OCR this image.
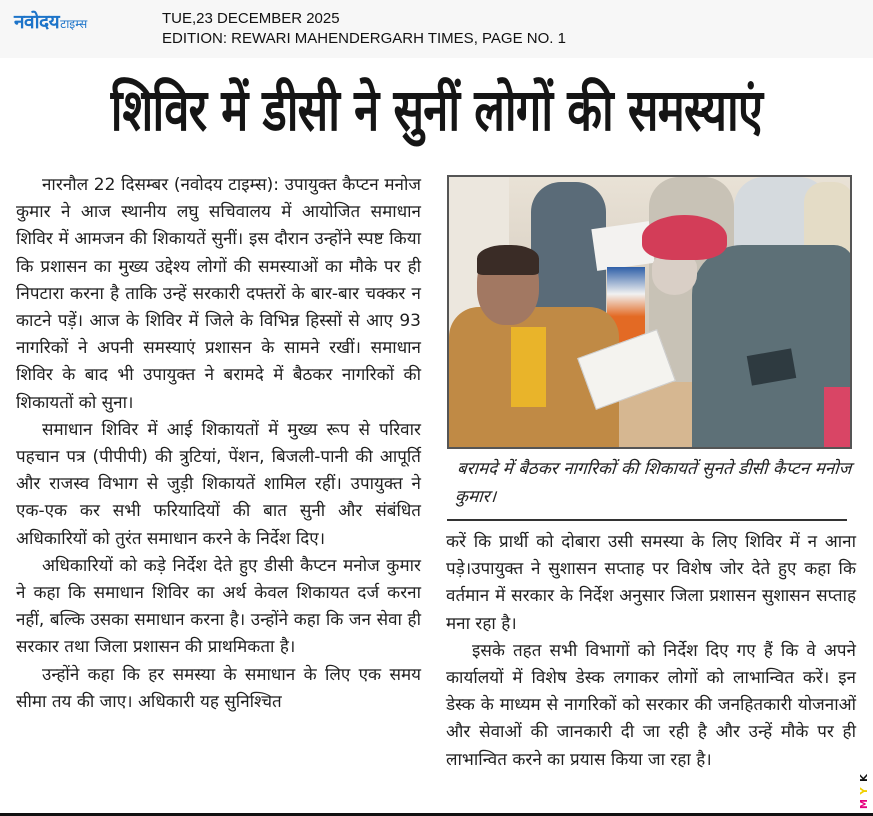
नवोदयटाइम्स	TUE,23 DECEMBER 2025
EDITION: REWARI MAHENDERGARH TIMES, PAGE NO. 1
शिविर में डीसी ने सुनीं लोगों की समस्याएं

नारनौल 22 दिसम्बर (नवोदय टाइम्स): उपायुक्त कैप्टन मनोज कुमार ने आज स्थानीय लघु सचिवालय में आयोजित समाधान शिविर में आमजन की शिकायतें सुनीं। इस दौरान उन्होंने स्पष्ट किया कि प्रशासन का मुख्य उद्देश्य लोगों की समस्याओं का मौके पर ही निपटारा करना है ताकि उन्हें सरकारी दफ्तरों के बार-बार चक्कर न काटने पड़ें। आज के शिविर में जिले के विभिन्न हिस्सों से आए 93 नागरिकों ने अपनी समस्याएं प्रशासन के सामने रखीं। समाधान शिविर के बाद भी उपायुक्त ने बरामदे में बैठकर नागरिकों की शिकायतों को सुना।

समाधान शिविर में आई शिकायतों में मुख्य रूप से परिवार पहचान पत्र (पीपीपी) की त्रुटियां, पेंशन, बिजली-पानी की आपूर्ति और राजस्व विभाग से जुड़ी शिकायतें शामिल रहीं। उपायुक्त ने एक-एक कर सभी फरियादियों की बात सुनी और संबंधित अधिकारियों को तुरंत समाधान करने के निर्देश दिए।

अधिकारियों को कड़े निर्देश देते हुए डीसी कैप्टन मनोज कुमार ने कहा कि समाधान शिविर का अर्थ केवल शिकायत दर्ज करना नहीं, बल्कि उसका समाधान करना है। उन्होंने कहा कि जन सेवा ही सरकार तथा जिला प्रशासन की प्राथमिकता है।

उन्होंने कहा कि हर समस्या के समाधान के लिए एक समय सीमा तय की जाए। अधिकारी यह सुनिश्चित

बरामदे में बैठकर नागरिकों की शिकायतें सुनते डीसी कैप्टन मनोज कुमार।

करें कि प्रार्थी को दोबारा उसी समस्या के लिए शिविर में न आना पड़े।उपायुक्त ने सुशासन सप्ताह पर विशेष जोर देते हुए कहा कि वर्तमान में सरकार के निर्देश अनुसार जिला प्रशासन सुशासन सप्ताह मना रहा है।

इसके तहत सभी विभागों को निर्देश दिए गए हैं कि वे अपने कार्यालयों में विशेष डेस्क लगाकर लोगों को लाभान्वित करें। इन डेस्क के माध्यम से नागरिकों को सरकार की जनहितकारी योजनाओं और सेवाओं की जानकारी दी जा रही है और उन्हें मौके पर ही लाभान्वित करने का प्रयास किया जा रहा है।

K
Y
M
